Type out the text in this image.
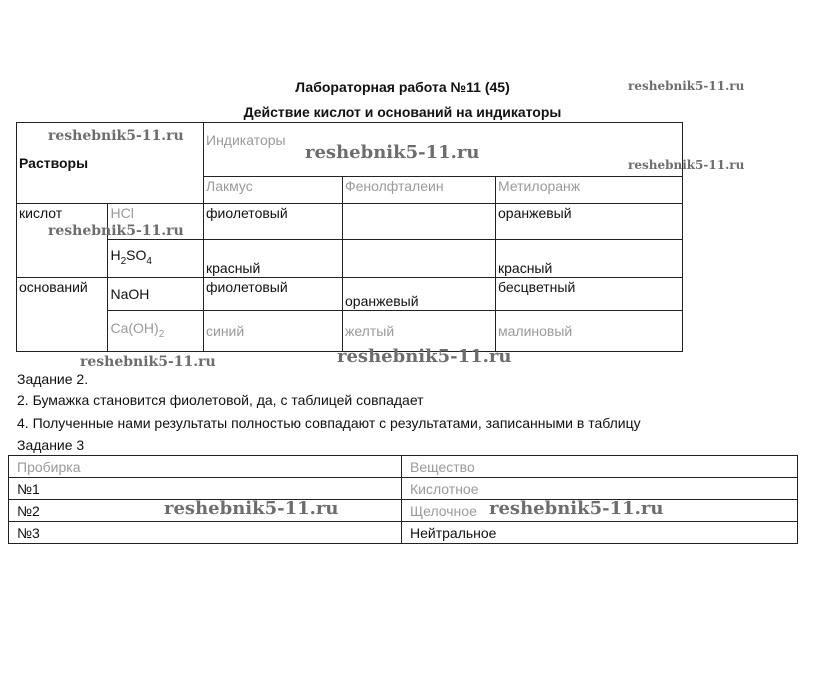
Лабораторная работа №11 (45)
Действие кислот и оснований на индикаторы
Растворы		Индикаторы		
		Лакмус	Фенолфталеин	Метилоранж
кислот	HCl	фиолетовый		оранжевый
	$H_2SO_4$	красный		красный
оснований	NaOH	фиолетовый	оранжевый	бесцветный
	$Ca(OH)_2$	синий	желтый	малиновый
Задание 2.
2. Бумажка становится фиолетовой, да, с таблицей совпадает
4. Полученные нами результаты полностью совпадают с результатами, записанными в таблицу
Задание 3
Пробирка	Вещество
№1	Кислотное
№2	Щелочное
№3	Нейтральное
reshebnik5-11.ru
reshebnik5-11.ru
reshebnik5-11.ru
reshebnik5-11.ru
reshebnik5-11.ru
reshebnik5-11.ru
reshebnik5-11.ru
reshebnik5-11.ru	reshebnik5-11.ru
